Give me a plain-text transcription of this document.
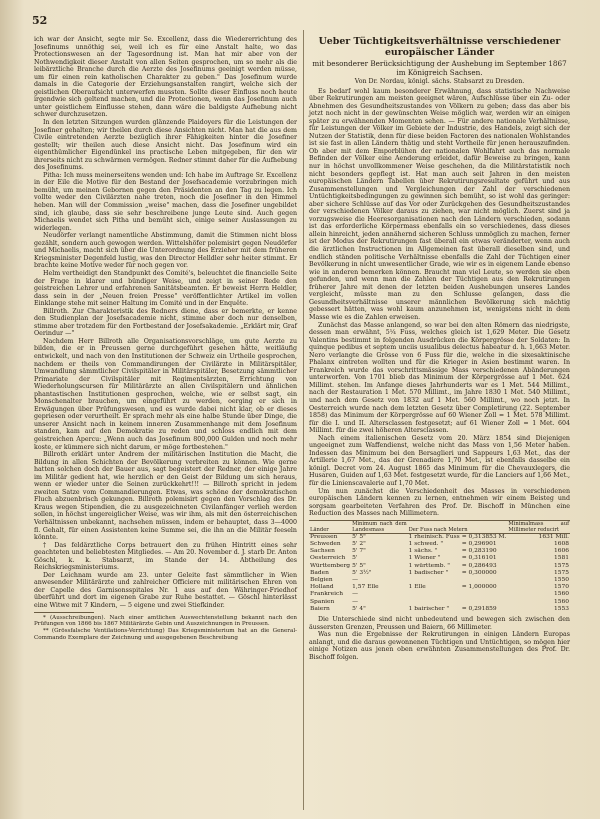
52

ich war der Ansicht, segte mir Se. Excellenz, dass die Wiedererrichtung des Josefinums unnöthig sei, weil ich es für eine Anstalt halte, wo das Protectionswesen an der Tagesordnung ist. Man hat mir aber von der Nothwendigkeit dieser Anstalt von allen Seiten gesprochen, um so mehr als die leibärztliche Branche durch die Aerzte des Josefinums geeinigt werden müsse, um für einen rein katholischen Charakter zu geben." Das Josefinum wurde damals in die Categorie der Erziehungsanstalten rangirt, welche sich der geistlichen Oberaufsicht unterwerfen mussten. Sollte dieser Einfluss noch heute irgendwie sich geltend machen, und die Protectionen, wenn das Josefinum auch unter geistlichem Einflusse stehen, dann wäre die baldigste Aufhebung nicht schwer durchzusetzen.

In den letzten Sitzungen wurden glänzende Plaidoyers für die Leistungen der Josefiner gehalten; wir theilen durch diese Ansichten nicht. Man hat die aus dem Civile eintretenden Aerzte bezüglich ihrer Fähigkeiten hinter die Josefiner gestellt; wir theilen auch diese Ansicht nicht. Das Josefinum wird ein eigenthümlicher Eigendünkel ins practische Leben mitgegeben, für den wir ihrerseits nicht zu schwärmen vermögen. Redner stimmt daher für die Aufhebung des Josefinums.

Pitha: Ich muss meinerseitens wenden und: Ich habe im Auftrage Sr. Excellenz in der Eile die Motive für den Bestand der Josefsacademie vorzubringen mich bemüht, um meinen Gebornen gegen den Präsidenten an den Tag zu legen. Ich vollte weder den Civilärzten nahe treten, noch die Josefiner in den Himmel heben. Man will der Commission „weise" machen, dass die Josefiner ungebildet sind, ich glaube, dass sie sehr beschreibene junge Leute sind. Auch gegen Michaelis wendet sich Pitha und bemüht sich, einige seiner Auslassungen zu widerlegen.

Neudörfer verlangt namentliche Abstimmung, damit die Stimmen nicht bloss gezählt, sondern auch gewogen werden. Wittelshöfer polemisirt gegen Neudörfer und Michaelis, macht sich über die Unterordnung des Erzieher mit dem früheren Kriegsminister Degenfeld lustig, was den Director Helldler sehr heiter stimmt. Er brachte keine Motive weder für noch gegen vor.

Helm vertheidigt den Standpunkt des Comité's, beleuchtet die financielle Seite der Frage in klarer und bündiger Weise, und zeigt in seiner Rede den geistreichen Lehrer und erfahrenen Sanitätsbeamten. Er beweist Herrn Heldler, dass sein in der „Neuen freien Presse" veröffentlichter Artikel im vollen Einklange stehe mit seiner Haltung im Comité und in der Enquête.

Billroth. Zur Charakteristik des Redners diene, dass er bemerkte, er kenne den Studienplan der Josefsacademie nicht, stimme aber doch nur denselben, stimme aber trotzdem für den Fortbestand der Josefsakademie. „Erklärt mir, Graf Oerindur —"

Nachdem Herr Billroth alle Organisationsvorschläge, um gute Aerzte zu bilden, die er in Preussen gerne durchgeführt gesehen hätte, weitläufig entwickelt, und nach von den Institutionen der Schweiz ein Urtheile gesprochen, nachdem er theils von Commandirungen der Civilärzte in Militärspitäler, Umwandlung sämmtlicher Civilspitäler in Militärspitäler, Besetzung sämmtlicher Primariate der Civilspitäler mit Regimentsärzten, Errichtung von Wiederholungscursen für Militärärzte an allen Civilspitälern und ähnlichen phantastischen Institutionen gesprochen, welche, wie er selbst sagt, ein Monschenalter brauchen, um eingeführt zu werden, oerging er sich in Erwägungen über Prüfungswesen, und es wurde dabei nicht klar, ob er dieses gepriesen oder verurtheilt. Er sprach mehr als eine halbe Stunde über Dinge, die unserer Ansicht nach in keinem inneren Zusammenhange mit dem Josefinum standen, kam auf den Demokratie zu reden und schloss endlich mit dem geistreichen Apercu: „Wenn auch das Josefinum 800,000 Gulden und noch mehr koste, er kümmere sich nicht darum, er möge fortbestehen."

Billroth erklärt unter Andrem der militärischen Institution die Macht, die Bildung in allen Schichten der Bevölkerung verbreiten zu können. Wie gerne hatten solchen doch der Bauer aus, sagt begeistert der Redner, der einige Jahre im Militär gedient hat, wie herzlich er den Geist der Bildung um sich heraus, wenn er wieder unter die Seinen zurückkehrt!!! — Billroth spricht in jedem zweiten Satze vom Commandierungen. Etwas, was schöne der demokratischen Fluch abzuenbrisch gekungen. Billroth polemisirt gegen den Vorschlag des Dr. Kraus wegen Stipendien, die zu ausgezeichneten Civilanfänger verlieh werden sollen, in höchst ungereiglicher Weise, was wir ihm, als mit den österreichischen Verhältnissen unbekannt, nachsehen müssen, indem er behauptet, dass 3—4000 fl. Gehalt, für einen Assistenten keine Summe sei, die ihn an die Militär feeseln könnte.

† Das feldärztliche Corps betrauert den zu frühen Hintritt eines sehr geachteten und beliebtesten Mitgliedes. — Am 20. November d. J. starb Dr. Anton Göschl, k. k. Stabsarzt, im Stande der 14. Abtheilung des Reichskriegsministeriums.

Der Leichnam wurde am 23. unter Geleite fast sämmtlicher in Wien anwesender Militärärzte und zahlreicher Officiere mit militärischen Ehren von der Capelle des Garnisonsspitales Nr. 1 aus auf den Währinger-Friedhof überführt und dort im eigenen Grabe zur Ruhe bestattet. — Göschl hinterlässt eine Witwe mit 7 Kindern, — 5 eigene und zwei Stiefkinder.

* (Ausschreibungen). Nach einer amtlichen Auswechtenstellung bekannt nach den Prüfungen von 1866 bis 1867 Militärärzte Gebin und Auszeichnungen in Preussen.

** (Grössfalsche Ventilations-Verrichtung) Das Kriegsministerium hat an die General-Commando Exemplare der Zeichnung und ausgegebenen Beschreibung

Ueber Tüchtigkeitsverhältnisse verschiedener europäischer Länder
mit besonderer Berücksichtigung der Aushebung im September 1867 im Königreich Sachsen.
Von Dr. Nordau, königl. sächs. Stabsarzt zu Dresden.

Es bedarf wohl kaum besonderer Erwähnung, dass statistische Nachweise über Rekrutirungen am meisten geeignet wären, Aufschlüsse über ein Zu- oder Abnehmen des Gesundheitszustandes von Völkern zu geben; dass das aber bis jetzt noch nicht in der gewünschten Weise möglich war, werden wir an einigen später zu erwähnenden Momenten sehen. — Für andere nationale Verhältnisse, für Leistungen der Völker im Gebiete der Industrie, des Handels, zeigt sich der Nutzen der Statistik, denn für diese beiden Factoren des nationalen Wohlstandes ist sie fast in allen Ländern thätig und steht Vortheile für jenen herauszufinden. Ob aber mit dem Emporblühen der nationalen Wohlfahrt auch das normale Befinden der Völker eine Aenderung erleidet, dafür Beweise zu bringen, kann nur in höchst unvollkommener Weise geschehen, da die Militärstatistik noch nicht besonders gepflegt ist. Hat man auch seit Jahren in den meisten europäischen Ländern Tabellen über Rekrutirungsresultate geführt und aus Zusammenstellungen und Vergleichungen der Zahl der verschiedenen Untüchtigkeitsbedingungen zu gewinnen sich bemüht, so ist wohl das geringer: aber sichere Schlüsse auf das Vor oder Zurückgehen des Gesundheitszustandes der verschiedenen Völker daraus zu ziehen, war nicht möglich. Zuerst sind ja vorzugsweise die Heeresorganisationen nach den Ländern verschieden, sodann ist das erforderliche Körpermass ebenfalls ein so verschiedenes, dass dieses allein hinreicht, jeden annähernd sicheren Schluss unmöglich zu machen, ferner ist der Modus der Rekrutirungen fast überall ein etwas veränderter, wenn auch die ärztlichen Instructionen im Allgemeinen fast überall dieselben sind, und endlich ständen politische Verhältnisse ebenfalls die Zahl der Tüchtigen einer Bevölkerung in nicht unwesentlicher Grade, wie wir es in eigenem Lande ebenso wie in anderen bemerken können. Braucht man viel Leute, so werden sie eben gefunden, und wenn man die Zahlen der Tüchtigen aus den Rekrutirungen früherer Jahre mit denen der letzten beiden Aushebungen unseres Landes vergleicht, müsste man zu den Schlusse gelangen, dass die Gesundheitsverhältnisse unserer männlichen Bevölkerung sich mächtig gebessert hätten, was wohl kaum anzunehmen ist, wenigstens nicht in dem Masse wie es die Zahlen erweisen.

Zunächst das Masse anlangend, so war bei den alten Römern das niedrigste, dessen man erwähnt, 5¼ Fuss, welches gleich ist 1,629 Meter. Die Gesetz Valentins bestimmt in folgenden Ausdrücken die Körpergrösse der Soldaten: In quinque pedibus et septem unciis usualibus delectus habeatur d. h. 1,663 Meter. Nero verlangte die Grösse von 6 Fuss für die, welche in die sixesaktinische Phalanx eintreten wollten und für die Krieger in Asien bestimmt waren. In Frankreich wurde das vorschrittsmässige Mass verschiedenen Abänderungen unterworfen. Von 1701 blieb das Minimum der Körpergrösse auf 1 Met. 624 Millimt. stehen. Im Anfange dieses Jahrhunderts war es 1 Met. 544 Millimt., nach der Restauration 1 Met. 570 Millimt., im Jahre 1830 1 Met. 540 Millimt., und nach dem Gesetz von 1832 auf 1 Met. 560 Millimt., wo noch jetzt. In Oesterreich wurde nach dem letzten Gesetz über Completirung (22. September 1858) das Minimum der Körpergrösse auf 60 Wiener Zoll = 1 Met. 578 Millimt. für die I. und II. Altersclassen festgesetzt; auf 61 Wiener Zoll = 1 Met. 604 Millimt. für die zwei höheren Altersclassen.

Nach einem italienischen Gesetz vom 20. März 1854 sind Diejenigen ungeeignet zum Waffendienst, welche nicht das Mass von 1,56 Meter haben. Indessen das Minimum bei den Bersaglieri und Sappeurs 1,63 Met., das der Artillerie 1,67 Met., das der Grenadiere 1,70 Met., ist ebenfalls dasselbe ein königl. Decret vom 24. August 1865 das Minimum für die Chevauxlegers, die Husaren, Guiden auf 1,63 Met. festgesetzt wurde, für die Lanciers auf 1,66 Met., für die Linienscavalerie auf 1,70 Met.

Um nun zunächst die Verschiedenheit des Masses in verschiedenen europäischen Ländern kennen zu lernen, entnehmen wir einem Beisteg und sorgsam gearbeiteten Verfahren des Prof. Dr. Bischoff in München eine Reduction des Masses nach Millimetern.

Länder	Minimum nach dem Landesmass	Der Fuss nach Metern		Minimalmass auf Millimeter reducirt
Preussen	5' 5"	1 rheinisch. Fuss	= 0,313853 M.	1631 Mill.
Schweden	5' 2"	1 schwed. "	= 0,296901	1608
Sachsen	5' 7"	1 sächs. "	= 0,283190	1606
Oesterreich	5'	1 Wiener "	= 0,316101	1581
Württemberg	5' 5"	1 württemb. "	= 0,286493	1575
Baden	5' 3½"	1 badischer "	= 0,300000	1575
Belgien	—			1550
Holland	1,57 Elle	1 Elle	= 1,000000	1570
Frankreich	—			1560
Spanien	—			1560
Baiern	5' 4"	1 bairischer "	= 0,291859	1553

Die Unterschiede sind nicht unbedeutend und bewegen sich zwischen den äussersten Grenzen, Preussen und Baiern, 66 Millimeter.

Was nun die Ergebnisse der Rekrutirungen in einigen Ländern Europas anlangt, und die daraus gewonnenen Tüchtigen und Untüchtigen, so mögen hier einige Notizen aus jenen oben erwähnten Zusammenstellungen des Prof. Dr. Bischoff folgen.
